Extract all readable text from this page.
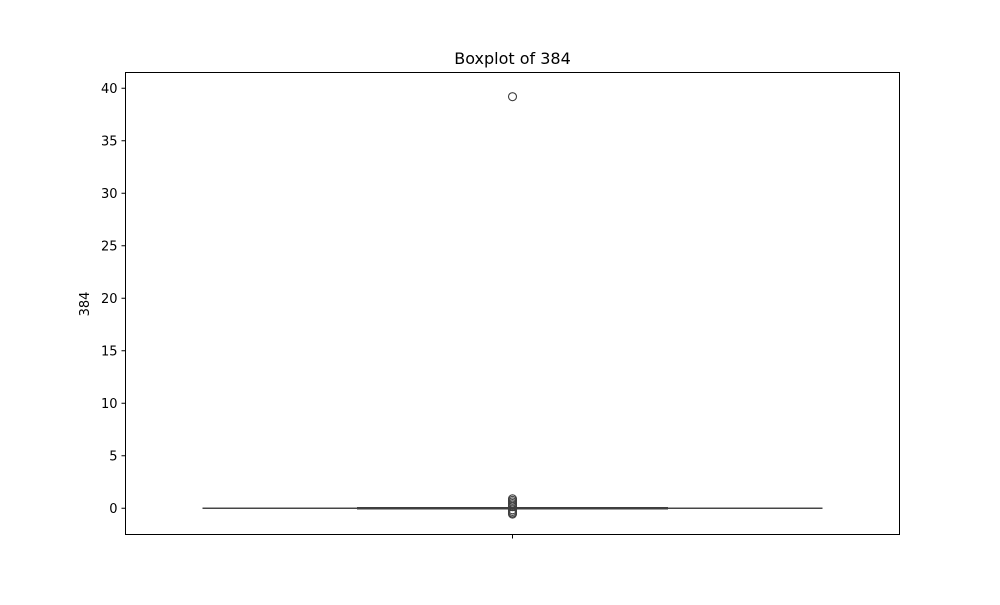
Boxplot of 384
384
0
5
10
15
20
25
30
35
40
